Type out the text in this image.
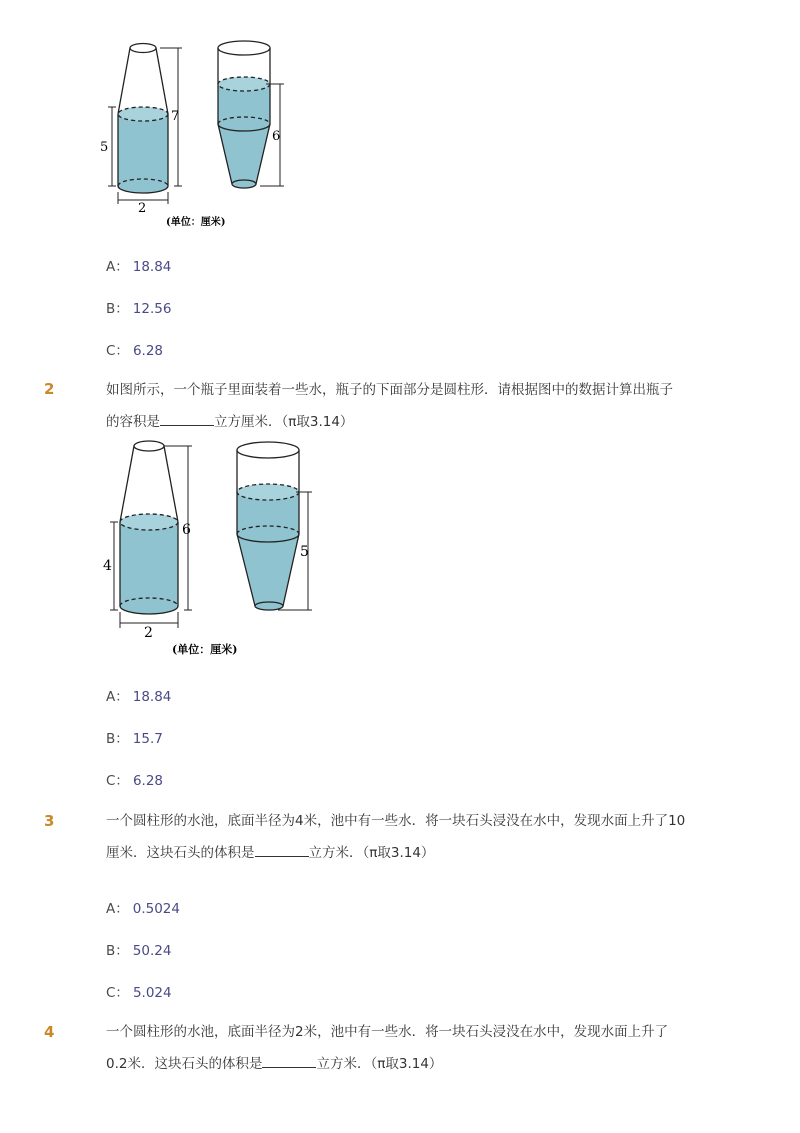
5
7
2
(单位：厘米)
6
A： 18.84
B： 12.56
C： 6.28
2	如图所示，一个瓶子里面装着一些水，瓶子的下面部分是圆柱形．请根据图中的数据计算出瓶子
的容积是	立方厘米．（π取3.14）
4
6
2
(单位：厘米)
5
A： 18.84
B： 15.7
C： 6.28
3	一个圆柱形的水池，底面半径为4米，池中有一些水．将一块石头浸没在水中，发现水面上升了10
厘米．这块石头的体积是	立方米．（π取3.14）
A： 0.5024
B： 50.24
C： 5.024
4	一个圆柱形的水池，底面半径为2米，池中有一些水．将一块石头浸没在水中，发现水面上升了
0.2米．这块石头的体积是	立方米．（π取3.14）
